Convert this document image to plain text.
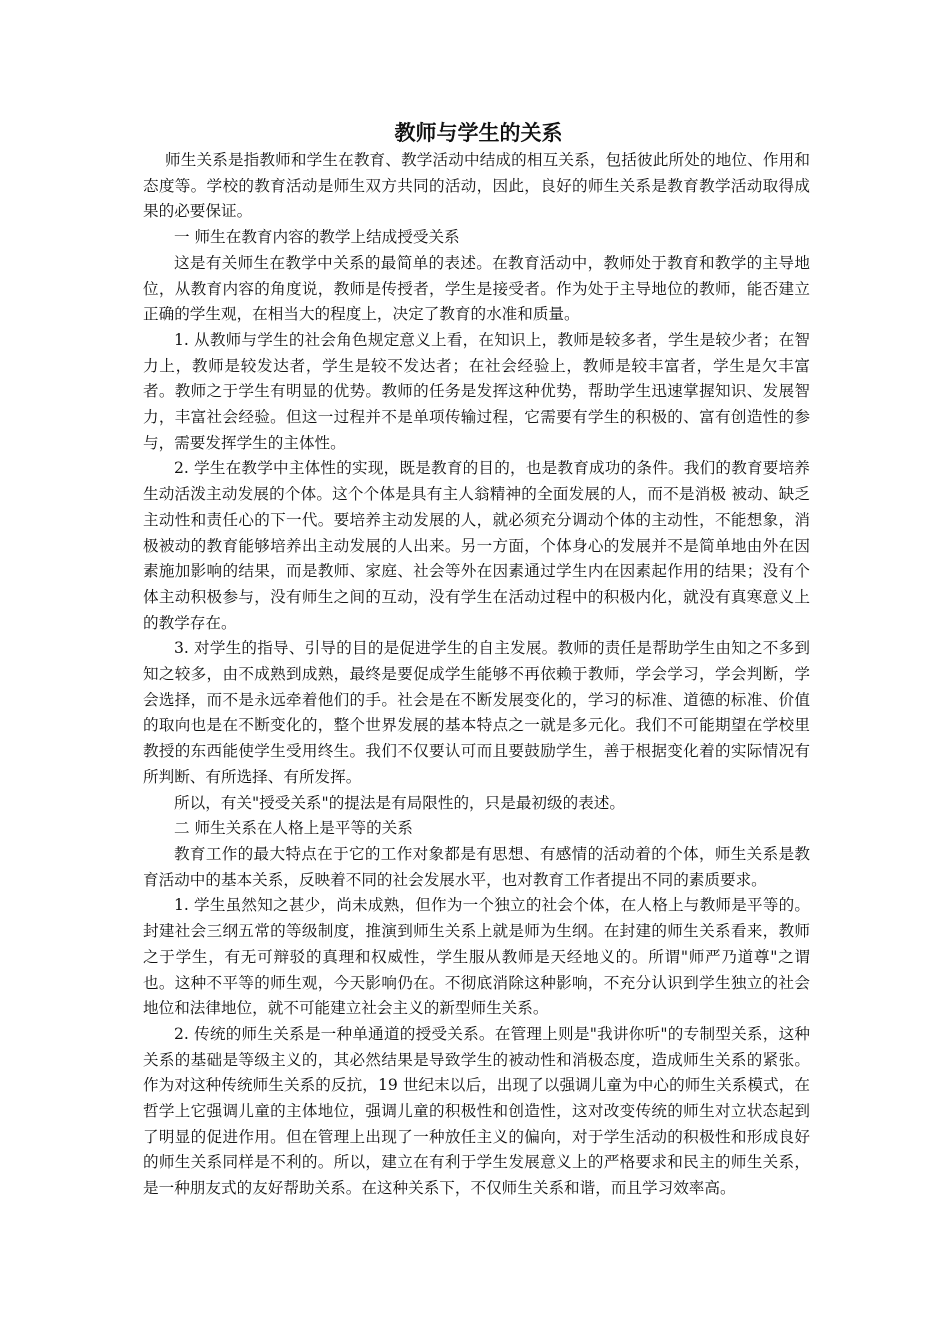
教师与学生的关系

师生关系是指教师和学生在教育、教学活动中结成的相互关系，包括彼此所处的地位、作用和态度等。学校的教育活动是师生双方共同的活动，因此，良好的师生关系是教育教学活动取得成果的必要保证。

一 师生在教育内容的教学上结成授受关系

这是有关师生在教学中关系的最简单的表述。在教育活动中，教师处于教育和教学的主导地位，从教育内容的角度说，教师是传授者，学生是接受者。作为处于主导地位的教师，能否建立正确的学生观，在相当大的程度上，决定了教育的水准和质量。

1. 从教师与学生的社会角色规定意义上看，在知识上，教师是较多者，学生是较少者；在智力上，教师是较发达者，学生是较不发达者；在社会经验上，教师是较丰富者，学生是欠丰富者。教师之于学生有明显的优势。教师的任务是发挥这种优势，帮助学生迅速掌握知识、发展智力，丰富社会经验。但这一过程并不是单项传输过程，它需要有学生的积极的、富有创造性的参与，需要发挥学生的主体性。

2. 学生在教学中主体性的实现，既是教育的目的，也是教育成功的条件。我们的教育要培养生动活泼主动发展的个体。这个个体是具有主人翁精神的全面发展的人，而不是消极 被动、缺乏主动性和责任心的下一代。要培养主动发展的人，就必须充分调动个体的主动性，不能想象，消极被动的教育能够培养出主动发展的人出来。另一方面，个体身心的发展并不是简单地由外在因素施加影响的结果，而是教师、家庭、社会等外在因素通过学生内在因素起作用的结果；没有个体主动积极参与，没有师生之间的互动，没有学生在活动过程中的积极内化，就没有真寒意义上的教学存在。

3. 对学生的指导、引导的目的是促进学生的自主发展。教师的责任是帮助学生由知之不多到知之较多，由不成熟到成熟，最终是要促成学生能够不再依赖于教师，学会学习，学会判断，学会选择，而不是永远牵着他们的手。社会是在不断发展变化的，学习的标准、道德的标准、价值的取向也是在不断变化的，整个世界发展的基本特点之一就是多元化。我们不可能期望在学校里教授的东西能使学生受用终生。我们不仅要认可而且要鼓励学生，善于根据变化着的实际情况有所判断、有所选择、有所发挥。

所以，有关"授受关系"的提法是有局限性的，只是最初级的表述。

二 师生关系在人格上是平等的关系

教育工作的最大特点在于它的工作对象都是有思想、有感情的活动着的个体，师生关系是教育活动中的基本关系，反映着不同的社会发展水平，也对教育工作者提出不同的素质要求。

1. 学生虽然知之甚少，尚未成熟，但作为一个独立的社会个体，在人格上与教师是平等的。封建社会三纲五常的等级制度，推演到师生关系上就是师为生纲。在封建的师生关系看来，教师之于学生，有无可辩驳的真理和权威性，学生服从教师是天经地义的。所谓"师严乃道尊"之谓也。这种不平等的师生观，今天影响仍在。不彻底消除这种影响，不充分认识到学生独立的社会地位和法律地位，就不可能建立社会主义的新型师生关系。

2. 传统的师生关系是一种单通道的授受关系。在管理上则是"我讲你听"的专制型关系，这种关系的基础是等级主义的，其必然结果是导致学生的被动性和消极态度，造成师生关系的紧张。作为对这种传统师生关系的反抗，19 世纪末以后，出现了以强调儿童为中心的师生关系模式，在哲学上它强调儿童的主体地位，强调儿童的积极性和创造性，这对改变传统的师生对立状态起到了明显的促进作用。但在管理上出现了一种放任主义的偏向，对于学生活动的积极性和形成良好的师生关系同样是不利的。所以，建立在有利于学生发展意义上的严格要求和民主的师生关系，是一种朋友式的友好帮助关系。在这种关系下，不仅师生关系和谐，而且学习效率高。
